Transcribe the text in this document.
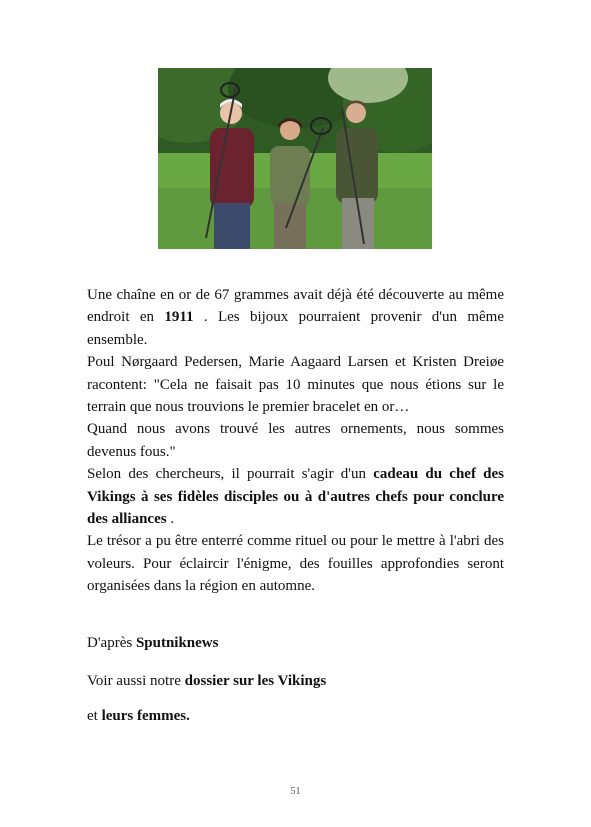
Une chaîne en or de 67 grammes avait déjà été découverte au même endroit en 1911 . Les bijoux pourraient provenir d'un même ensemble.

Poul Nørgaard Pedersen, Marie Aagaard Larsen et Kristen Dreiøe racontent: "Cela ne faisait pas 10 minutes que nous étions sur le terrain que nous trouvions le premier bracelet en or…

Quand nous avons trouvé les autres ornements, nous sommes devenus fous."

Selon des chercheurs, il pourrait s'agir d'un cadeau du chef des Vikings à ses fidèles disciples ou à d'autres chefs pour conclure des alliances .

Le trésor a pu être enterré comme rituel ou pour le mettre à l'abri des voleurs. Pour éclaircir l'énigme, des fouilles approfondies seront organisées dans la région en automne.

D'après Sputniknews
Voir aussi notre dossier sur les Vikings
et leurs femmes.
51
